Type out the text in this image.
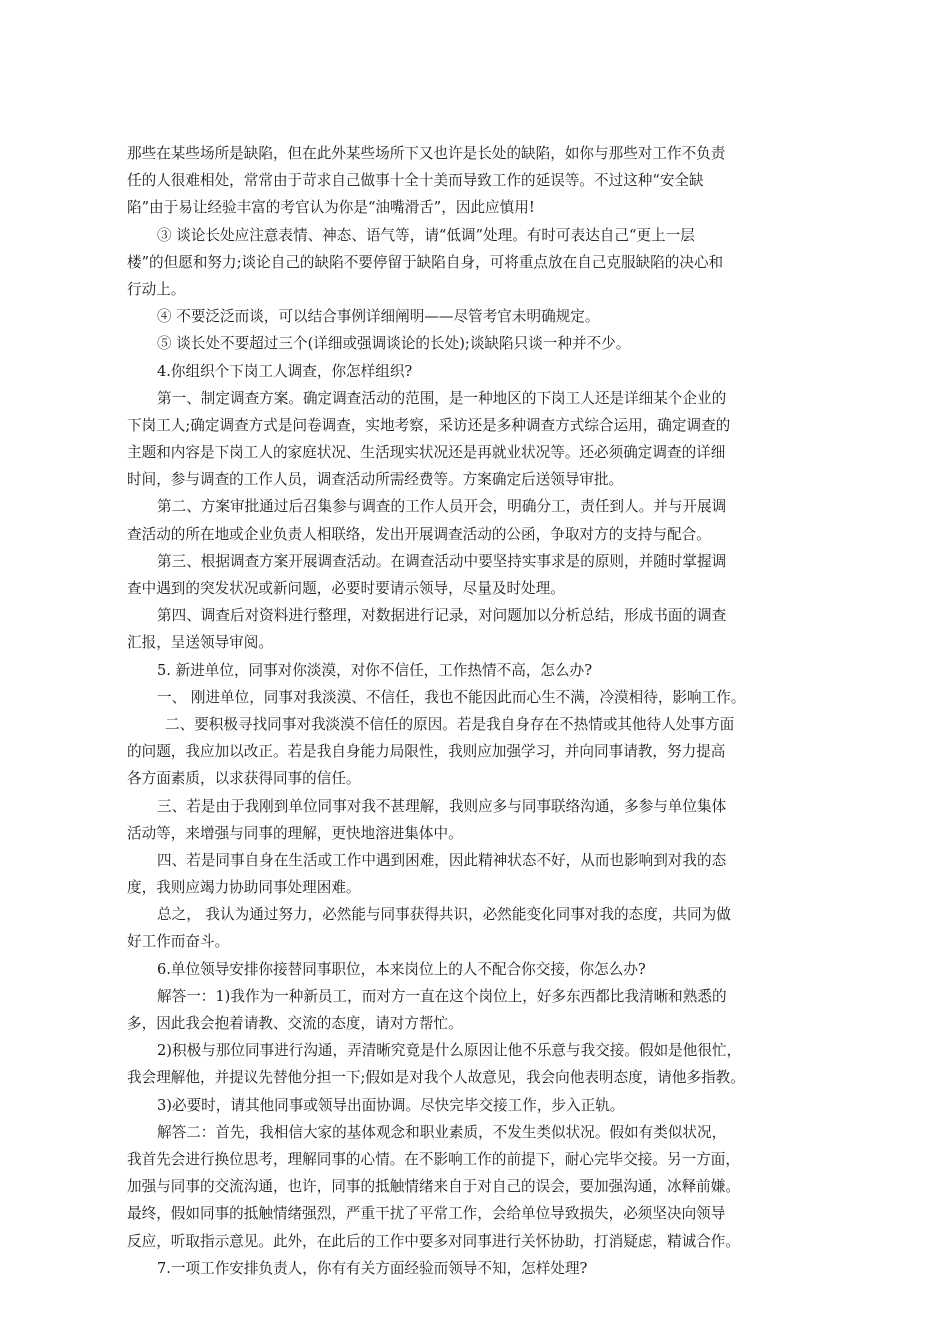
那些在某些场所是缺陷，但在此外某些场所下又也许是长处的缺陷，如你与那些对工作不负责
任的人很难相处，常常由于苛求自己做事十全十美而导致工作的延误等。不过这种“安全缺
陷”由于易让经验丰富的考官认为你是“油嘴滑舌”，因此应慎用!
③ 谈论长处应注意表情、神态、语气等，请“低调”处理。有时可表达自己“更上一层
楼”的但愿和努力;谈论自己的缺陷不要停留于缺陷自身，可将重点放在自己克服缺陷的决心和
行动上。
④ 不要泛泛而谈，可以结合事例详细阐明——尽管考官未明确规定。
⑤ 谈长处不要超过三个(详细或强调谈论的长处);谈缺陷只谈一种并不少。
4.你组织个下岗工人调查，你怎样组织?
第一、制定调查方案。确定调查活动的范围，是一种地区的下岗工人还是详细某个企业的
下岗工人;确定调查方式是问卷调查，实地考察，采访还是多种调查方式综合运用，确定调查的
主题和内容是下岗工人的家庭状况、生活现实状况还是再就业状况等。还必须确定调查的详细
时间，参与调查的工作人员，调查活动所需经费等。方案确定后送领导审批。
第二、方案审批通过后召集参与调查的工作人员开会，明确分工，责任到人。并与开展调
查活动的所在地或企业负责人相联络，发出开展调查活动的公函，争取对方的支持与配合。
第三、根据调查方案开展调查活动。在调查活动中要坚持实事求是的原则，并随时掌握调
查中遇到的突发状况或新问题，必要时要请示领导，尽量及时处理。
第四、调查后对资料进行整理，对数据进行记录，对问题加以分析总结，形成书面的调查
汇报，呈送领导审阅。
5. 新进单位，同事对你淡漠，对你不信任，工作热情不高，怎么办?
一、 刚进单位，同事对我淡漠、不信任，我也不能因此而心生不满，冷漠相待，影响工作。
二、要积极寻找同事对我淡漠不信任的原因。若是我自身存在不热情或其他待人处事方面
的问题，我应加以改正。若是我自身能力局限性，我则应加强学习，并向同事请教，努力提高
各方面素质，以求获得同事的信任。
三、若是由于我刚到单位同事对我不甚理解，我则应多与同事联络沟通，多参与单位集体
活动等，来增强与同事的理解，更快地溶进集体中。
四、若是同事自身在生活或工作中遇到困难，因此精神状态不好，从而也影响到对我的态
度，我则应竭力协助同事处理困难。
总之， 我认为通过努力，必然能与同事获得共识，必然能变化同事对我的态度，共同为做
好工作而奋斗。
6.单位领导安排你接替同事职位，本来岗位上的人不配合你交接，你怎么办?
解答一：1)我作为一种新员工，而对方一直在这个岗位上，好多东西都比我清晰和熟悉的
多，因此我会抱着请教、交流的态度，请对方帮忙。
2)积极与那位同事进行沟通，弄清晰究竟是什么原因让他不乐意与我交接。假如是他很忙，
我会理解他，并提议先替他分担一下;假如是对我个人故意见，我会向他表明态度，请他多指教。
3)必要时，请其他同事或领导出面协调。尽快完毕交接工作，步入正轨。
解答二：首先，我相信大家的基体观念和职业素质，不发生类似状况。假如有类似状况，
我首先会进行换位思考，理解同事的心情。在不影响工作的前提下，耐心完毕交接。另一方面，
加强与同事的交流沟通，也许，同事的抵触情绪来自于对自己的误会，要加强沟通，冰释前嫌。
最终，假如同事的抵触情绪强烈，严重干扰了平常工作，会给单位导致损失，必须坚决向领导
反应，听取指示意见。此外，在此后的工作中要多对同事进行关怀协助，打消疑虑，精诚合作。
7.一项工作安排负责人，你有有关方面经验而领导不知，怎样处理?
